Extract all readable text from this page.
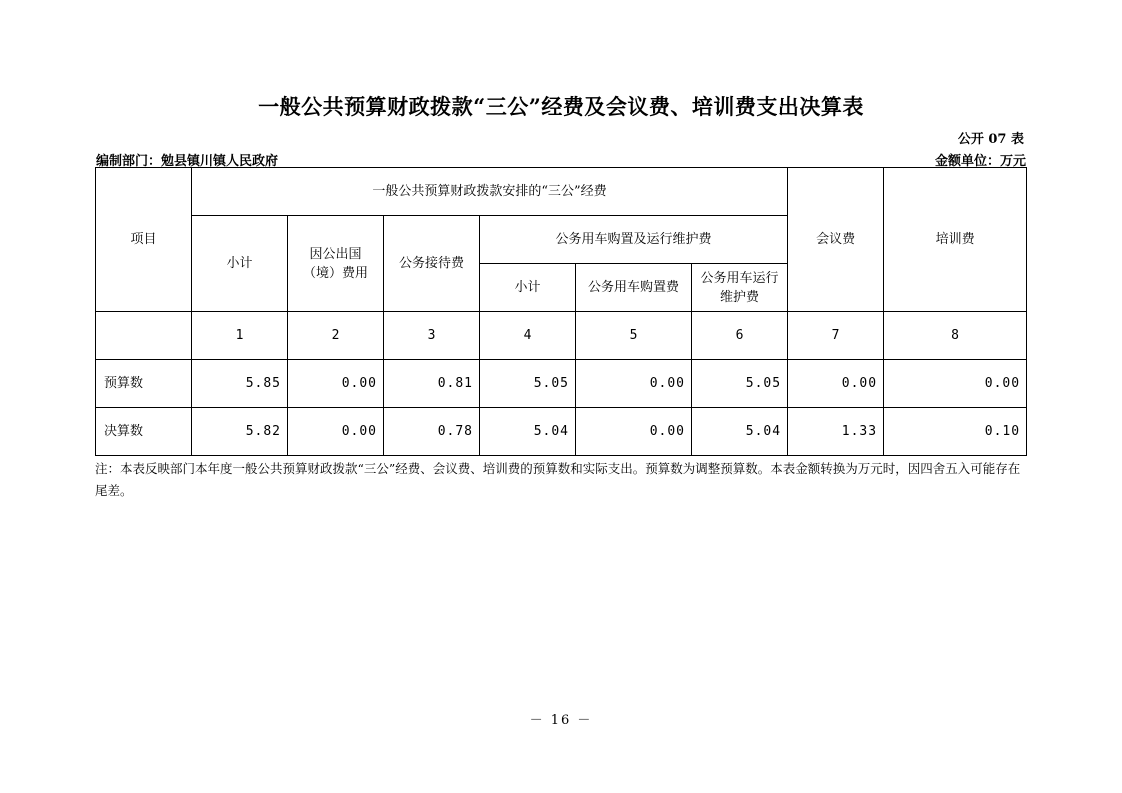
一般公共预算财政拨款“三公”经费及会议费、培训费支出决算表
公开 07 表
编制部门：勉县镇川镇人民政府	金额单位：万元
项目	一般公共预算财政拨款安排的“三公”经费						会议费	培训费
	小计	因公出国（境）费用	公务接待费	公务用车购置及运行维护费				
				小计	公务用车购置费	公务用车运行维护费		
	1	2	3	4	5	6	7	8
预算数	5.85	0.00	0.81	5.05	0.00	5.05	0.00	0.00
决算数	5.82	0.00	0.78	5.04	0.00	5.04	1.33	0.10
注：本表反映部门本年度一般公共预算财政拨款“三公”经费、会议费、培训费的预算数和实际支出。预算数为调整预算数。本表金额转换为万元时，因四舍五入可能存在尾差。
－ 16 －
